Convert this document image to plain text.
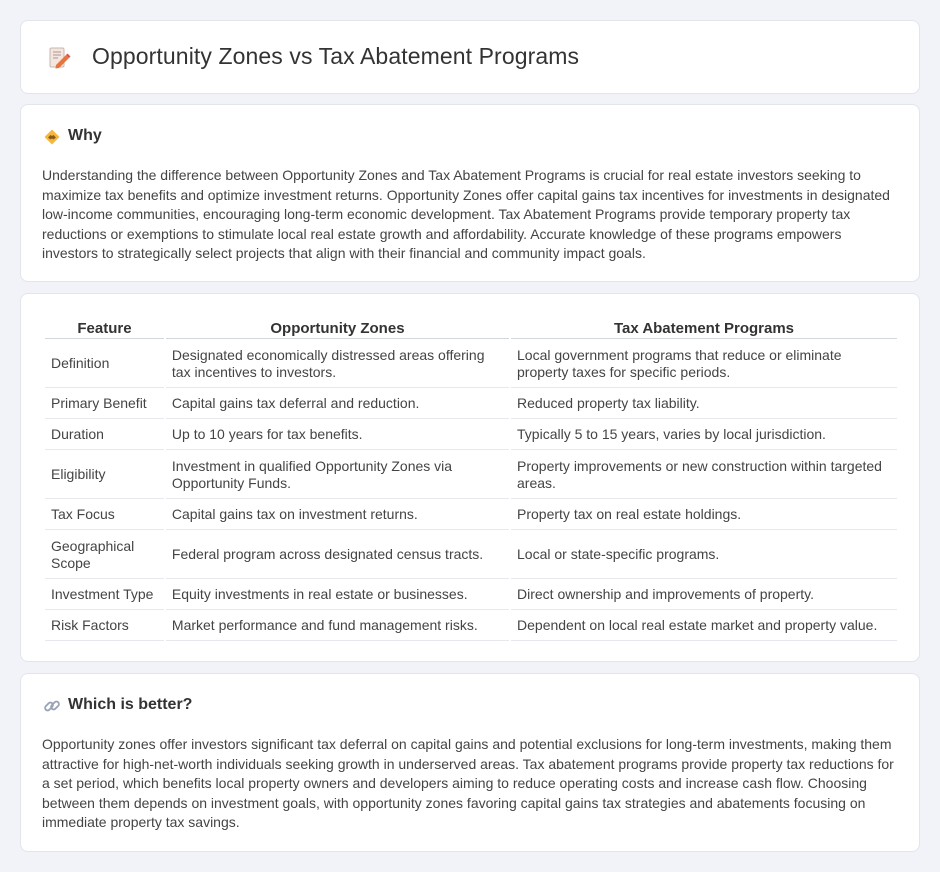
Opportunity Zones vs Tax Abatement Programs
Why

Understanding the difference between Opportunity Zones and Tax Abatement Programs is crucial for real estate investors seeking to maximize tax benefits and optimize investment returns. Opportunity Zones offer capital gains tax incentives for investments in designated low-income communities, encouraging long-term economic development. Tax Abatement Programs provide temporary property tax reductions or exemptions to stimulate local real estate growth and affordability. Accurate knowledge of these programs empowers investors to strategically select projects that align with their financial and community impact goals.

Feature	Opportunity Zones	Tax Abatement Programs
Definition	Designated economically distressed areas offering tax incentives to investors.	Local government programs that reduce or eliminate property taxes for specific periods.
Primary Benefit	Capital gains tax deferral and reduction.	Reduced property tax liability.
Duration	Up to 10 years for tax benefits.	Typically 5 to 15 years, varies by local jurisdiction.
Eligibility	Investment in qualified Opportunity Zones via Opportunity Funds.	Property improvements or new construction within targeted areas.
Tax Focus	Capital gains tax on investment returns.	Property tax on real estate holdings.
Geographical Scope	Federal program across designated census tracts.	Local or state-specific programs.
Investment Type	Equity investments in real estate or businesses.	Direct ownership and improvements of property.
Risk Factors	Market performance and fund management risks.	Dependent on local real estate market and property value.
Which is better?

Opportunity zones offer investors significant tax deferral on capital gains and potential exclusions for long-term investments, making them attractive for high-net-worth individuals seeking growth in underserved areas. Tax abatement programs provide property tax reductions for a set period, which benefits local property owners and developers aiming to reduce operating costs and increase cash flow. Choosing between them depends on investment goals, with opportunity zones favoring capital gains tax strategies and abatements focusing on immediate property tax savings.
